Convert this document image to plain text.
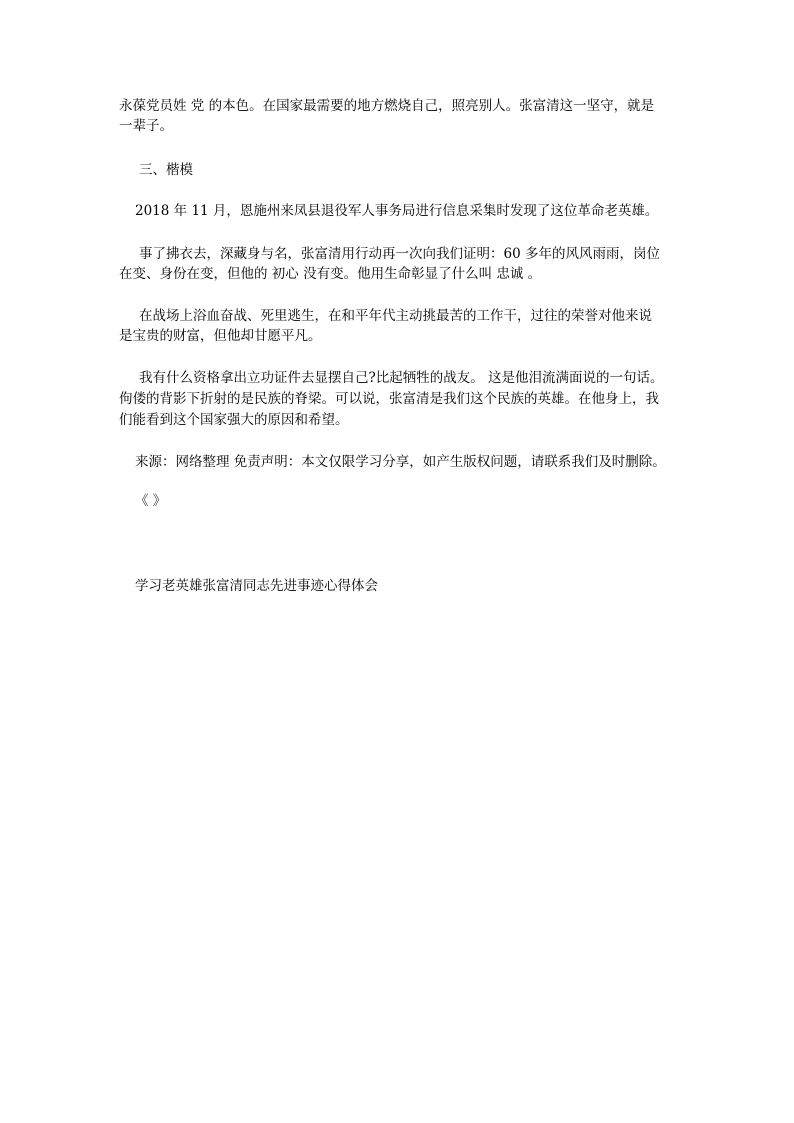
永葆党员姓 党 的本色。在国家最需要的地方燃烧自己，照亮别人。张富清这一坚守，就是
一辈子。
三、楷模
2018 年 11 月，恩施州来凤县退役军人事务局进行信息采集时发现了这位革命老英雄。
事了拂衣去，深藏身与名，张富清用行动再一次向我们证明：60 多年的风风雨雨，岗位
在变、身份在变，但他的 初心 没有变。他用生命彰显了什么叫 忠诚 。
在战场上浴血奋战、死里逃生，在和平年代主动挑最苦的工作干，过往的荣誉对他来说
是宝贵的财富，但他却甘愿平凡。
我有什么资格拿出立功证件去显摆自己?比起牺牲的战友。 这是他泪流满面说的一句话。
佝偻的背影下折射的是民族的脊梁。可以说，张富清是我们这个民族的英雄。在他身上，我
们能看到这个国家强大的原因和希望。
来源：网络整理 免责声明：本文仅限学习分享，如产生版权问题，请联系我们及时删除。
《 》
学习老英雄张富清同志先进事迹心得体会
